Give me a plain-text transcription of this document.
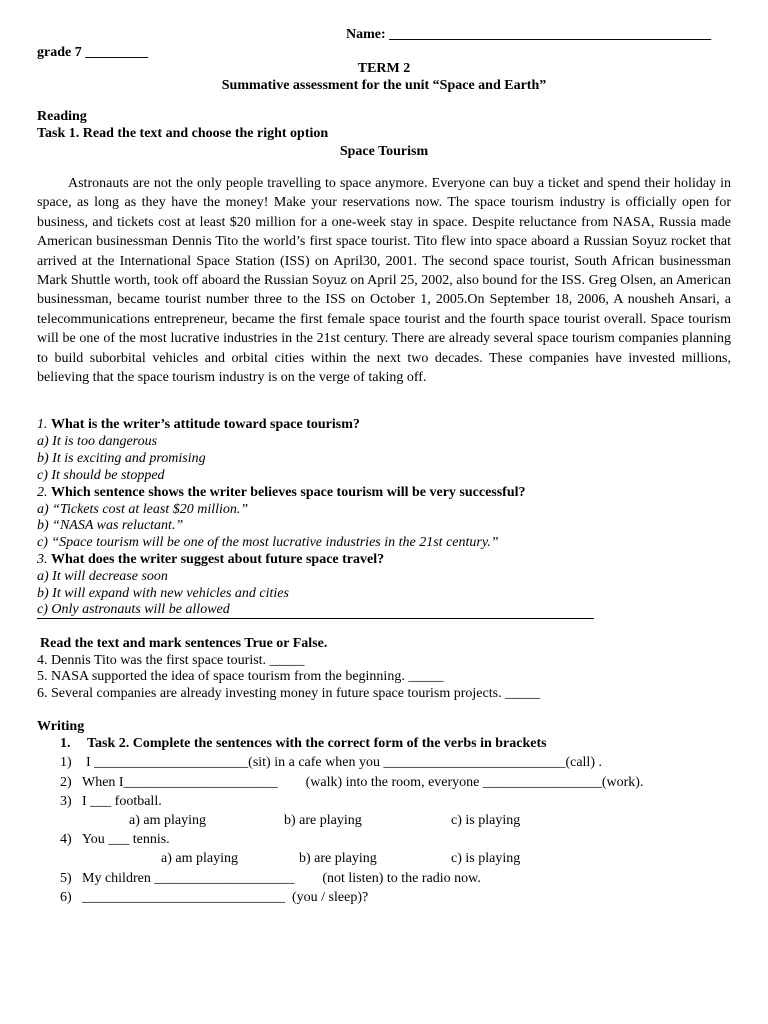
Name: ______________________________________________
grade 7 _________
TERM 2
Summative assessment for the unit “Space and Earth”
Reading
Task 1. Read the text and choose the right option
Space Tourism

Astronauts are not the only people travelling to space anymore. Everyone can buy a ticket and spend their holiday in space, as long as they have the money! Make your reservations now. The space tourism industry is officially open for business, and tickets cost at least $20 million for a one-week stay in space. Despite reluctance from NASA, Russia made American businessman Dennis Tito the world’s first space tourist. Tito flew into space aboard a Russian Soyuz rocket that arrived at the International Space Station (ISS) on April30, 2001. The second space tourist, South African businessman Mark Shuttle worth, took off aboard the Russian Soyuz on April 25, 2002, also bound for the ISS. Greg Olsen, an American businessman, became tourist number three to the ISS on October 1, 2005.On September 18, 2006, A nousheh Ansari, a telecommunications entrepreneur, became the first female space tourist and the fourth space tourist overall. Space tourism will be one of the most lucrative industries in the 21st century. There are already several space tourism companies planning to build suborbital vehicles and orbital cities within the next two decades. These companies have invested millions, believing that the space tourism industry is on the verge of taking off.

1. What is the writer’s attitude toward space tourism?
a) It is too dangerous
b) It is exciting and promising
c) It should be stopped
2. Which sentence shows the writer believes space tourism will be very successful?
a) “Tickets cost at least $20 million.”
b) “NASA was reluctant.”
c) “Space tourism will be one of the most lucrative industries in the 21st century.”
3. What does the writer suggest about future space travel?
a) It will decrease soon
b) It will expand with new vehicles and cities
c) Only astronauts will be allowed
Read the text and mark sentences True or False.
4. Dennis Tito was the first space tourist. _____
5. NASA supported the idea of space tourism from the beginning. _____
6. Several companies are already investing money in future space tourism projects. _____
Writing
1. Task 2. Complete the sentences with the correct form of the verbs in brackets
1) I ______________________(sit) in a cafe when you __________________________(call) .
2) When I______________________        (walk) into the room, everyone _________________(work).
3) I ___ football.
a) am playing	b) are playing	c) is playing
4) You ___ tennis.
a) am playing	b) are playing	c) is playing
5) My children ____________________        (not listen) to the radio now.
6) _____________________________  (you / sleep)?
